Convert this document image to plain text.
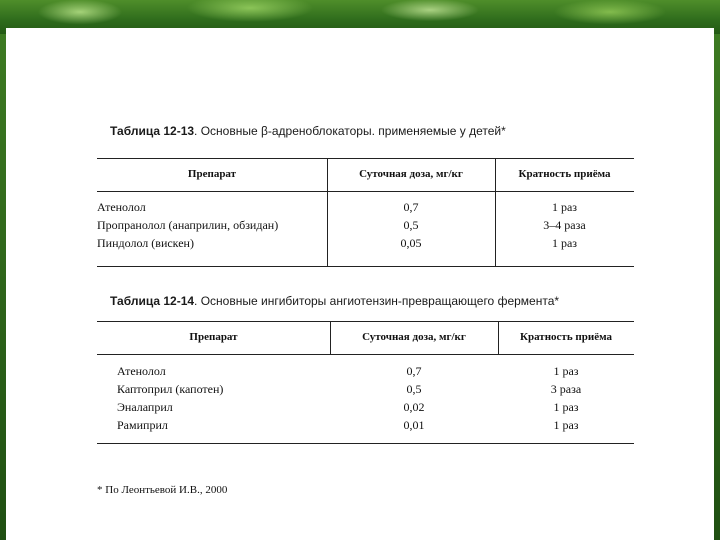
Таблица 12-13. Основные β-адреноблокаторы. применяемые у детей*
Препарат	Суточная доза, мг/кг	Кратность приёма
Атенолол	0,7	1 раз
Пропранолол (анаприлин, обзидан)	0,5	3–4 раза
Пиндолол (вискен)	0,05	1 раз
Таблица 12-14. Основные ингибиторы ангиотензин-превращающего фермента*
Препарат	Суточная доза, мг/кг	Кратность приёма
Атенолол	0,7	1 раз
Каптоприл (капотен)	0,5	3 раза
Эналаприл	0,02	1 раз
Рамиприл	0,01	1 раз
* По Леонтьевой И.В., 2000
